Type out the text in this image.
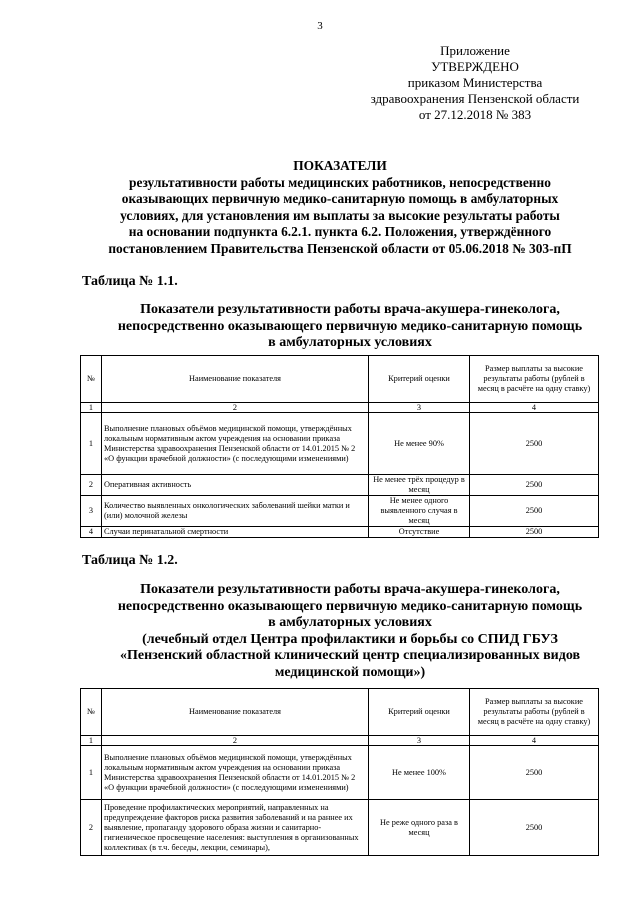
3
Приложение
УТВЕРЖДЕНО
приказом Министерства
здравоохранения Пензенской области
от 27.12.2018 № 383
ПОКАЗАТЕЛИ
результативности работы медицинских работников, непосредственно
оказывающих первичную медико-санитарную помощь в амбулаторных
условиях, для установления им выплаты за высокие результаты работы
на основании подпункта 6.2.1. пункта 6.2. Положения, утверждённого
постановлением Правительства Пензенской области от 05.06.2018 № 303-пП
Таблица № 1.1.
Показатели результативности работы врача-акушера-гинеколога,
непосредственно оказывающего первичную медико-санитарную помощь
в амбулаторных условиях
№	Наименование показателя	Критерий оценки	Размер выплаты за высокие результаты работы (рублей в месяц в расчёте на одну ставку)
1	2	3	4
1	Выполнение плановых объёмов медицинской помощи, утверждённых локальным нормативным актом учреждения на основании приказа Министерства здравоохранения Пензенской области от 14.01.2015 № 2 «О функции врачебной должности» (с последующими изменениями)	Не менее 90%	2500
2	Оперативная активность	Не менее трёх процедур в месяц	2500
3	Количество выявленных онкологических заболеваний шейки матки и (или) молочной железы	Не менее одного выявленного случая в месяц	2500
4	Случаи перинатальной смертности	Отсутствие	2500
Таблица № 1.2.
Показатели результативности работы врача-акушера-гинеколога,
непосредственно оказывающего первичную медико-санитарную помощь
в амбулаторных условиях
(лечебный отдел Центра профилактики и борьбы со СПИД ГБУЗ
«Пензенский областной клинический центр специализированных видов
медицинской помощи»)
№	Наименование показателя	Критерий оценки	Размер выплаты за высокие результаты работы (рублей в месяц в расчёте на одну ставку)
1	2	3	4
1	Выполнение плановых объёмов медицинской помощи, утверждённых локальным нормативным актом учреждения на основании приказа Министерства здравоохранения Пензенской области от 14.01.2015 № 2 «О функции врачебной должности» (с последующими изменениями)	Не менее 100%	2500
2	Проведение профилактических мероприятий, направленных на предупреждение факторов риска развития заболеваний и на раннее их выявление, пропаганду здорового образа жизни и санитарно-гигиеническое просвещение населения: выступления в организованных коллективах (в т.ч. беседы, лекции, семинары),	Не реже одного раза в месяц	2500
